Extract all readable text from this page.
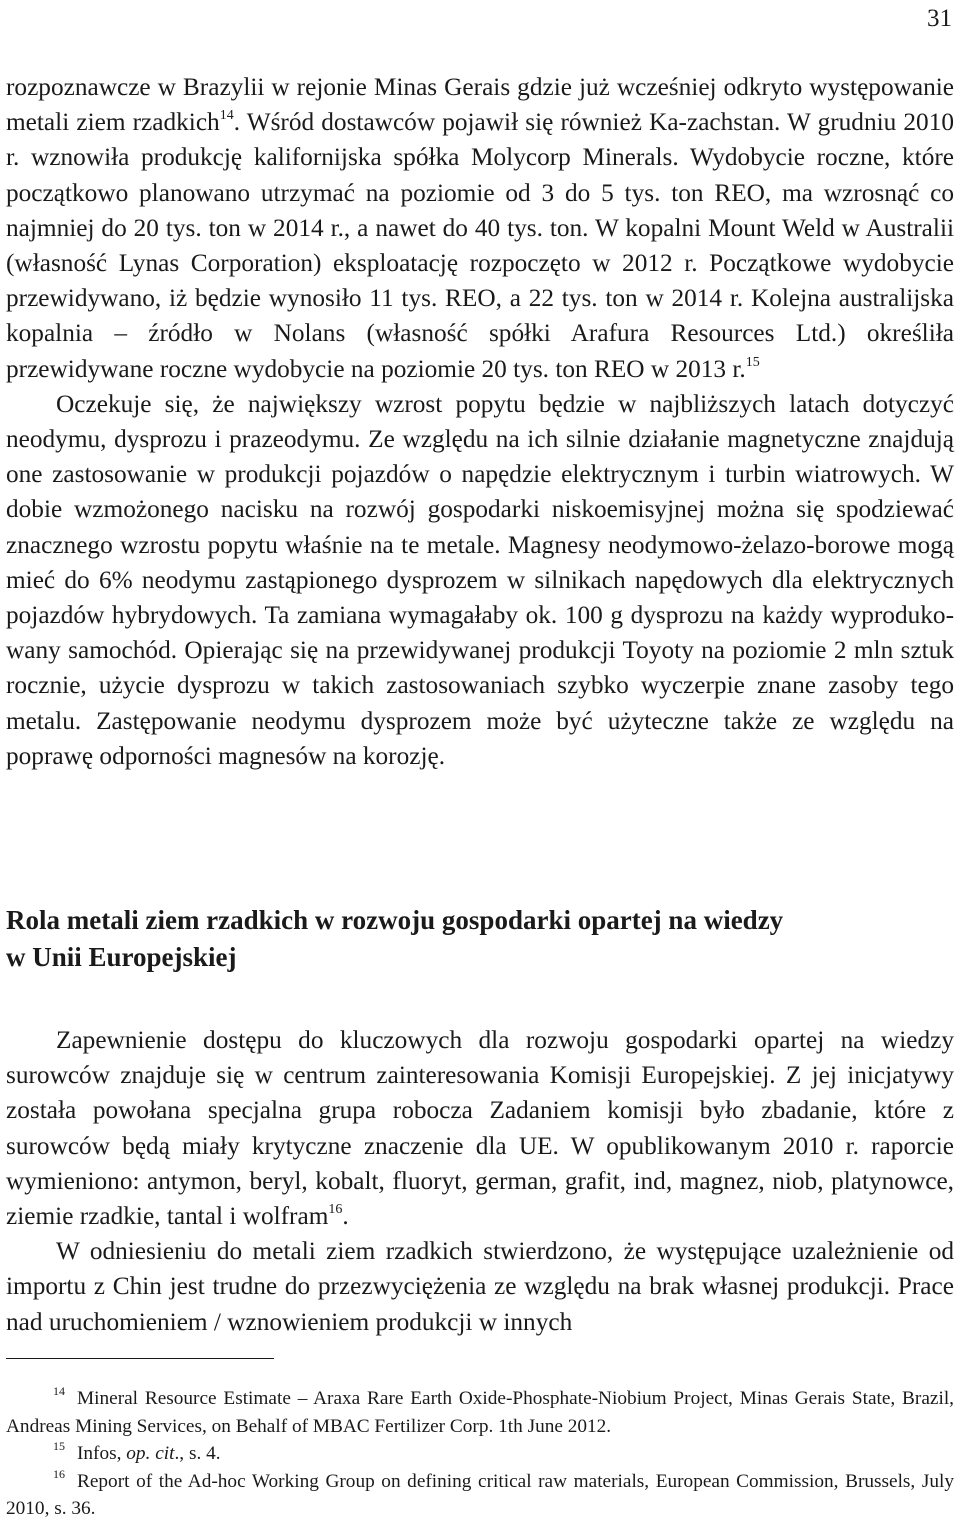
31

rozpoznawcze w Brazylii w rejonie Minas Gerais gdzie już wcześniej odkryto występowanie metali ziem rzadkich$^{14}$. Wśród dostawców pojawił się również Ka-zachstan. W grudniu 2010 r. wznowiła produkcję kalifornijska spółka Molycorp Minerals. Wydobycie roczne, które początkowo planowano utrzymać na poziomie od 3 do 5 tys. ton REO, ma wzrosnąć co najmniej do 20 tys. ton w 2014 r., a nawet do 40 tys. ton. W kopalni Mount Weld w Australii (własność Lynas Corporation) eksploatację rozpoczęto w 2012 r. Początkowe wydobycie przewidywano, iż będzie wynosiło 11 tys. REO, a 22 tys. ton w 2014 r. Kolejna australijska kopalnia – źródło w Nolans (własność spółki Arafura Resources Ltd.) określiła przewidywane roczne wydobycie na poziomie 20 tys. ton REO w 2013 r.$^{15}$

Oczekuje się, że największy wzrost popytu będzie w najbliższych latach dotyczyć neodymu, dysprozu i prazeodymu. Ze względu na ich silnie działanie magnetyczne znajdują one zastosowanie w produkcji pojazdów o napędzie elektrycznym i turbin wiatrowych. W dobie wzmożonego nacisku na rozwój gospodarki niskoemisyjnej można się spodziewać znacznego wzrostu popytu właśnie na te metale. Magnesy neodymowo-żelazo-borowe mogą mieć do 6% neodymu zastąpionego dysprozem w silnikach napędowych dla elektrycznych pojazdów hybrydowych. Ta zamiana wymagałaby ok. 100 g dysprozu na każdy wyprodukowany samochód. Opierając się na przewidywanej produkcji Toyoty na poziomie 2 mln sztuk rocznie, użycie dysprozu w takich zastosowaniach szybko wyczerpie znane zasoby tego metalu. Zastępowanie neodymu dysprozem może być użyteczne także ze względu na poprawę odporności magnesów na korozję.

Rola metali ziem rzadkich w rozwoju gospodarki opartej na wiedzy
w Unii Europejskiej

Zapewnienie dostępu do kluczowych dla rozwoju gospodarki opartej na wiedzy surowców znajduje się w centrum zainteresowania Komisji Europejskiej. Z jej inicjatywy została powołana specjalna grupa robocza Zadaniem komisji było zbadanie, które z surowców będą miały krytyczne znaczenie dla UE. W opublikowanym 2010 r. raporcie wymieniono: antymon, beryl, kobalt, fluoryt, german, grafit, ind, magnez, niob, platynowce, ziemie rzadkie, tantal i wolfram$^{16}$.

W odniesieniu do metali ziem rzadkich stwierdzono, że występujące uzależnienie od importu z Chin jest trudne do przezwyciężenia ze względu na brak własnej produkcji. Prace nad uruchomieniem / wznowieniem produkcji w innych

$^{14}$ Mineral Resource Estimate – Araxa Rare Earth Oxide-Phosphate-Niobium Project, Minas Gerais State, Brazil, Andreas Mining Services, on Behalf of MBAC Fertilizer Corp. 1th June 2012.

$^{15}$ Infos, op. cit., s. 4.

$^{16}$ Report of the Ad-hoc Working Group on defining critical raw materials, European Commission, Brussels, July 2010, s. 36.
